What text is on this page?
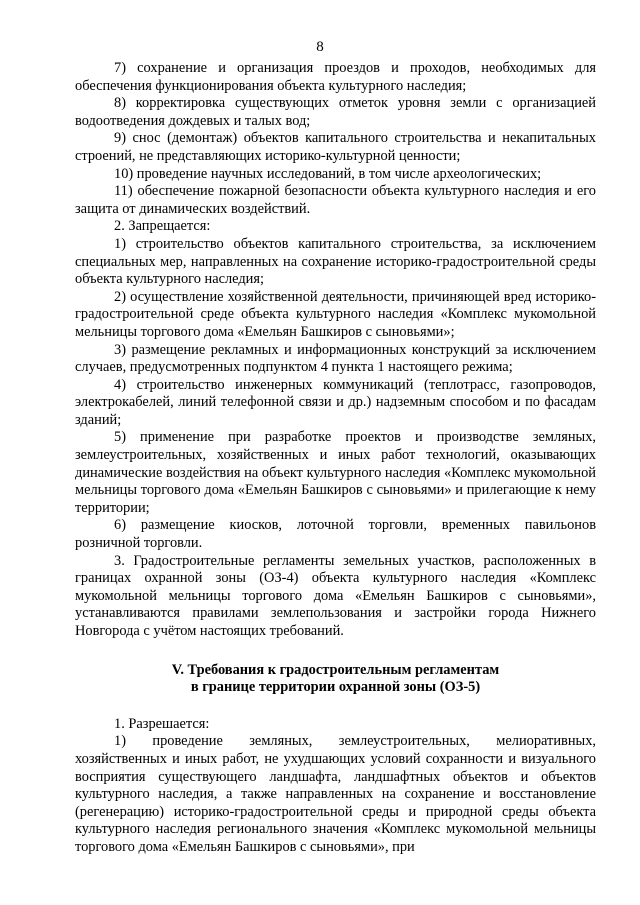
8

7) сохранение и организация проездов и проходов, необходимых для обеспечения функционирования объекта культурного наследия;

8) корректировка существующих отметок уровня земли с организацией водоотведения дождевых и талых вод;

9) снос (демонтаж) объектов капитального строительства и некапитальных строений, не представляющих историко-культурной ценности;

10) проведение научных исследований, в том числе археологических;

11) обеспечение пожарной безопасности объекта культурного наследия и его защита от динамических воздействий.

2. Запрещается:

1) строительство объектов капитального строительства, за исключением специальных мер, направленных на сохранение историко-градостроительной среды объекта культурного наследия;

2) осуществление хозяйственной деятельности, причиняющей вред историко-градостроительной среде объекта культурного наследия «Комплекс мукомольной мельницы торгового дома «Емельян Башкиров с сыновьями»;

3) размещение рекламных и информационных конструкций за исключением случаев, предусмотренных подпунктом 4 пункта 1 настоящего режима;

4) строительство инженерных коммуникаций (теплотрасс, газопроводов, электрокабелей, линий телефонной связи и др.) надземным способом и по фасадам зданий;

5) применение при разработке проектов и производстве земляных, землеустроительных, хозяйственных и иных работ технологий, оказывающих динамические воздействия на объект культурного наследия «Комплекс мукомольной мельницы торгового дома «Емельян Башкиров с сыновьями» и прилегающие к нему территории;

6) размещение киосков, лоточной торговли, временных павильонов розничной торговли.

3. Градостроительные регламенты земельных участков, расположенных в границах охранной зоны (ОЗ-4) объекта культурного наследия «Комплекс мукомольной мельницы торгового дома «Емельян Башкиров с сыновьями», устанавливаются правилами землепользования и застройки города Нижнего Новгорода с учётом настоящих требований.

V. Требования к градостроительным регламентам

в границе территории охранной зоны (ОЗ-5)

1. Разрешается:

1) проведение земляных, землеустроительных, мелиоративных, хозяйственных и иных работ, не ухудшающих условий сохранности и визуального восприятия существующего ландшафта, ландшафтных объектов и объектов культурного наследия, а также направленных на сохранение и восстановление (регенерацию) историко-градостроительной среды и природной среды объекта культурного наследия регионального значения «Комплекс мукомольной мельницы торгового дома «Емельян Башкиров с сыновьями», при
